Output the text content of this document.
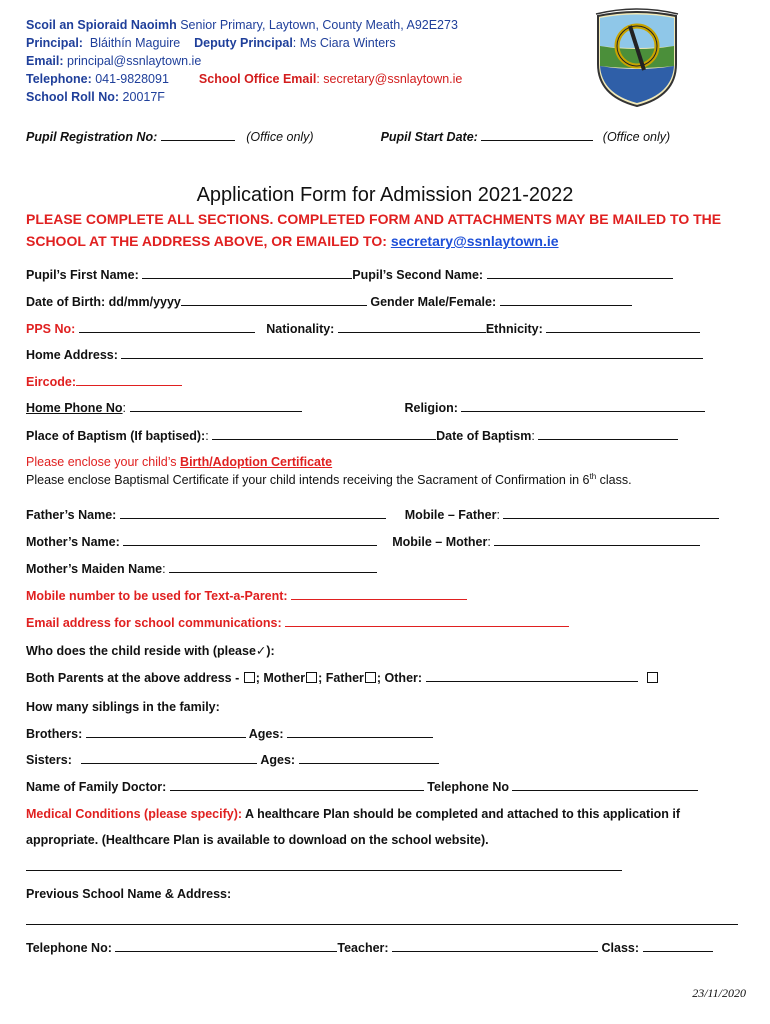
Scoil an Spioraid Naoimh Senior Primary, Laytown, County Meath, A92E273
Principal: Bláithín Maguire Deputy Principal: Ms Ciara Winters
Email: principal@ssnlaytown.ie
Telephone: 041-9828091 School Office Email: secretary@ssnlaytown.ie
School Roll No: 20017F
Pupil Registration No:	(Office only)	Pupil Start Date:	(Office only)
Application Form for Admission 2021-2022
PLEASE COMPLETE ALL SECTIONS. COMPLETED FORM AND ATTACHMENTS MAY BE MAILED TO THE SCHOOL AT THE ADDRESS ABOVE, OR EMAILED TO: secretary@ssnlaytown.ie
Pupil’s First Name:	Pupil’s Second Name:
Date of Birth: dd/mm/yyyy	Gender Male/Female:
PPS No:	Nationality:	Ethnicity:
Home Address:
Eircode:
Home Phone No:	Religion:
Place of Baptism (If baptised)::	Date of Baptism:
Please enclose your child’s Birth/Adoption Certificate
Please enclose Baptismal Certificate if your child intends receiving the Sacrament of Confirmation in 6th class.
Father’s Name:	Mobile – Father:
Mother’s Name:	Mobile – Mother:
Mother’s Maiden Name:
Mobile number to be used for Text-a-Parent:
Email address for school communications:
Who does the child reside with (please✓):
Both Parents at the above address - ; Mother ; Father ; Other:
How many siblings in the family:
Brothers:	Ages:
Sisters:	Ages:
Name of Family Doctor:	Telephone No
Medical Conditions (please specify): A healthcare Plan should be completed and attached to this application if
appropriate. (Healthcare Plan is available to download on the school website).
Previous School Name & Address:
Telephone No:	Teacher:	Class:
23/11/2020
